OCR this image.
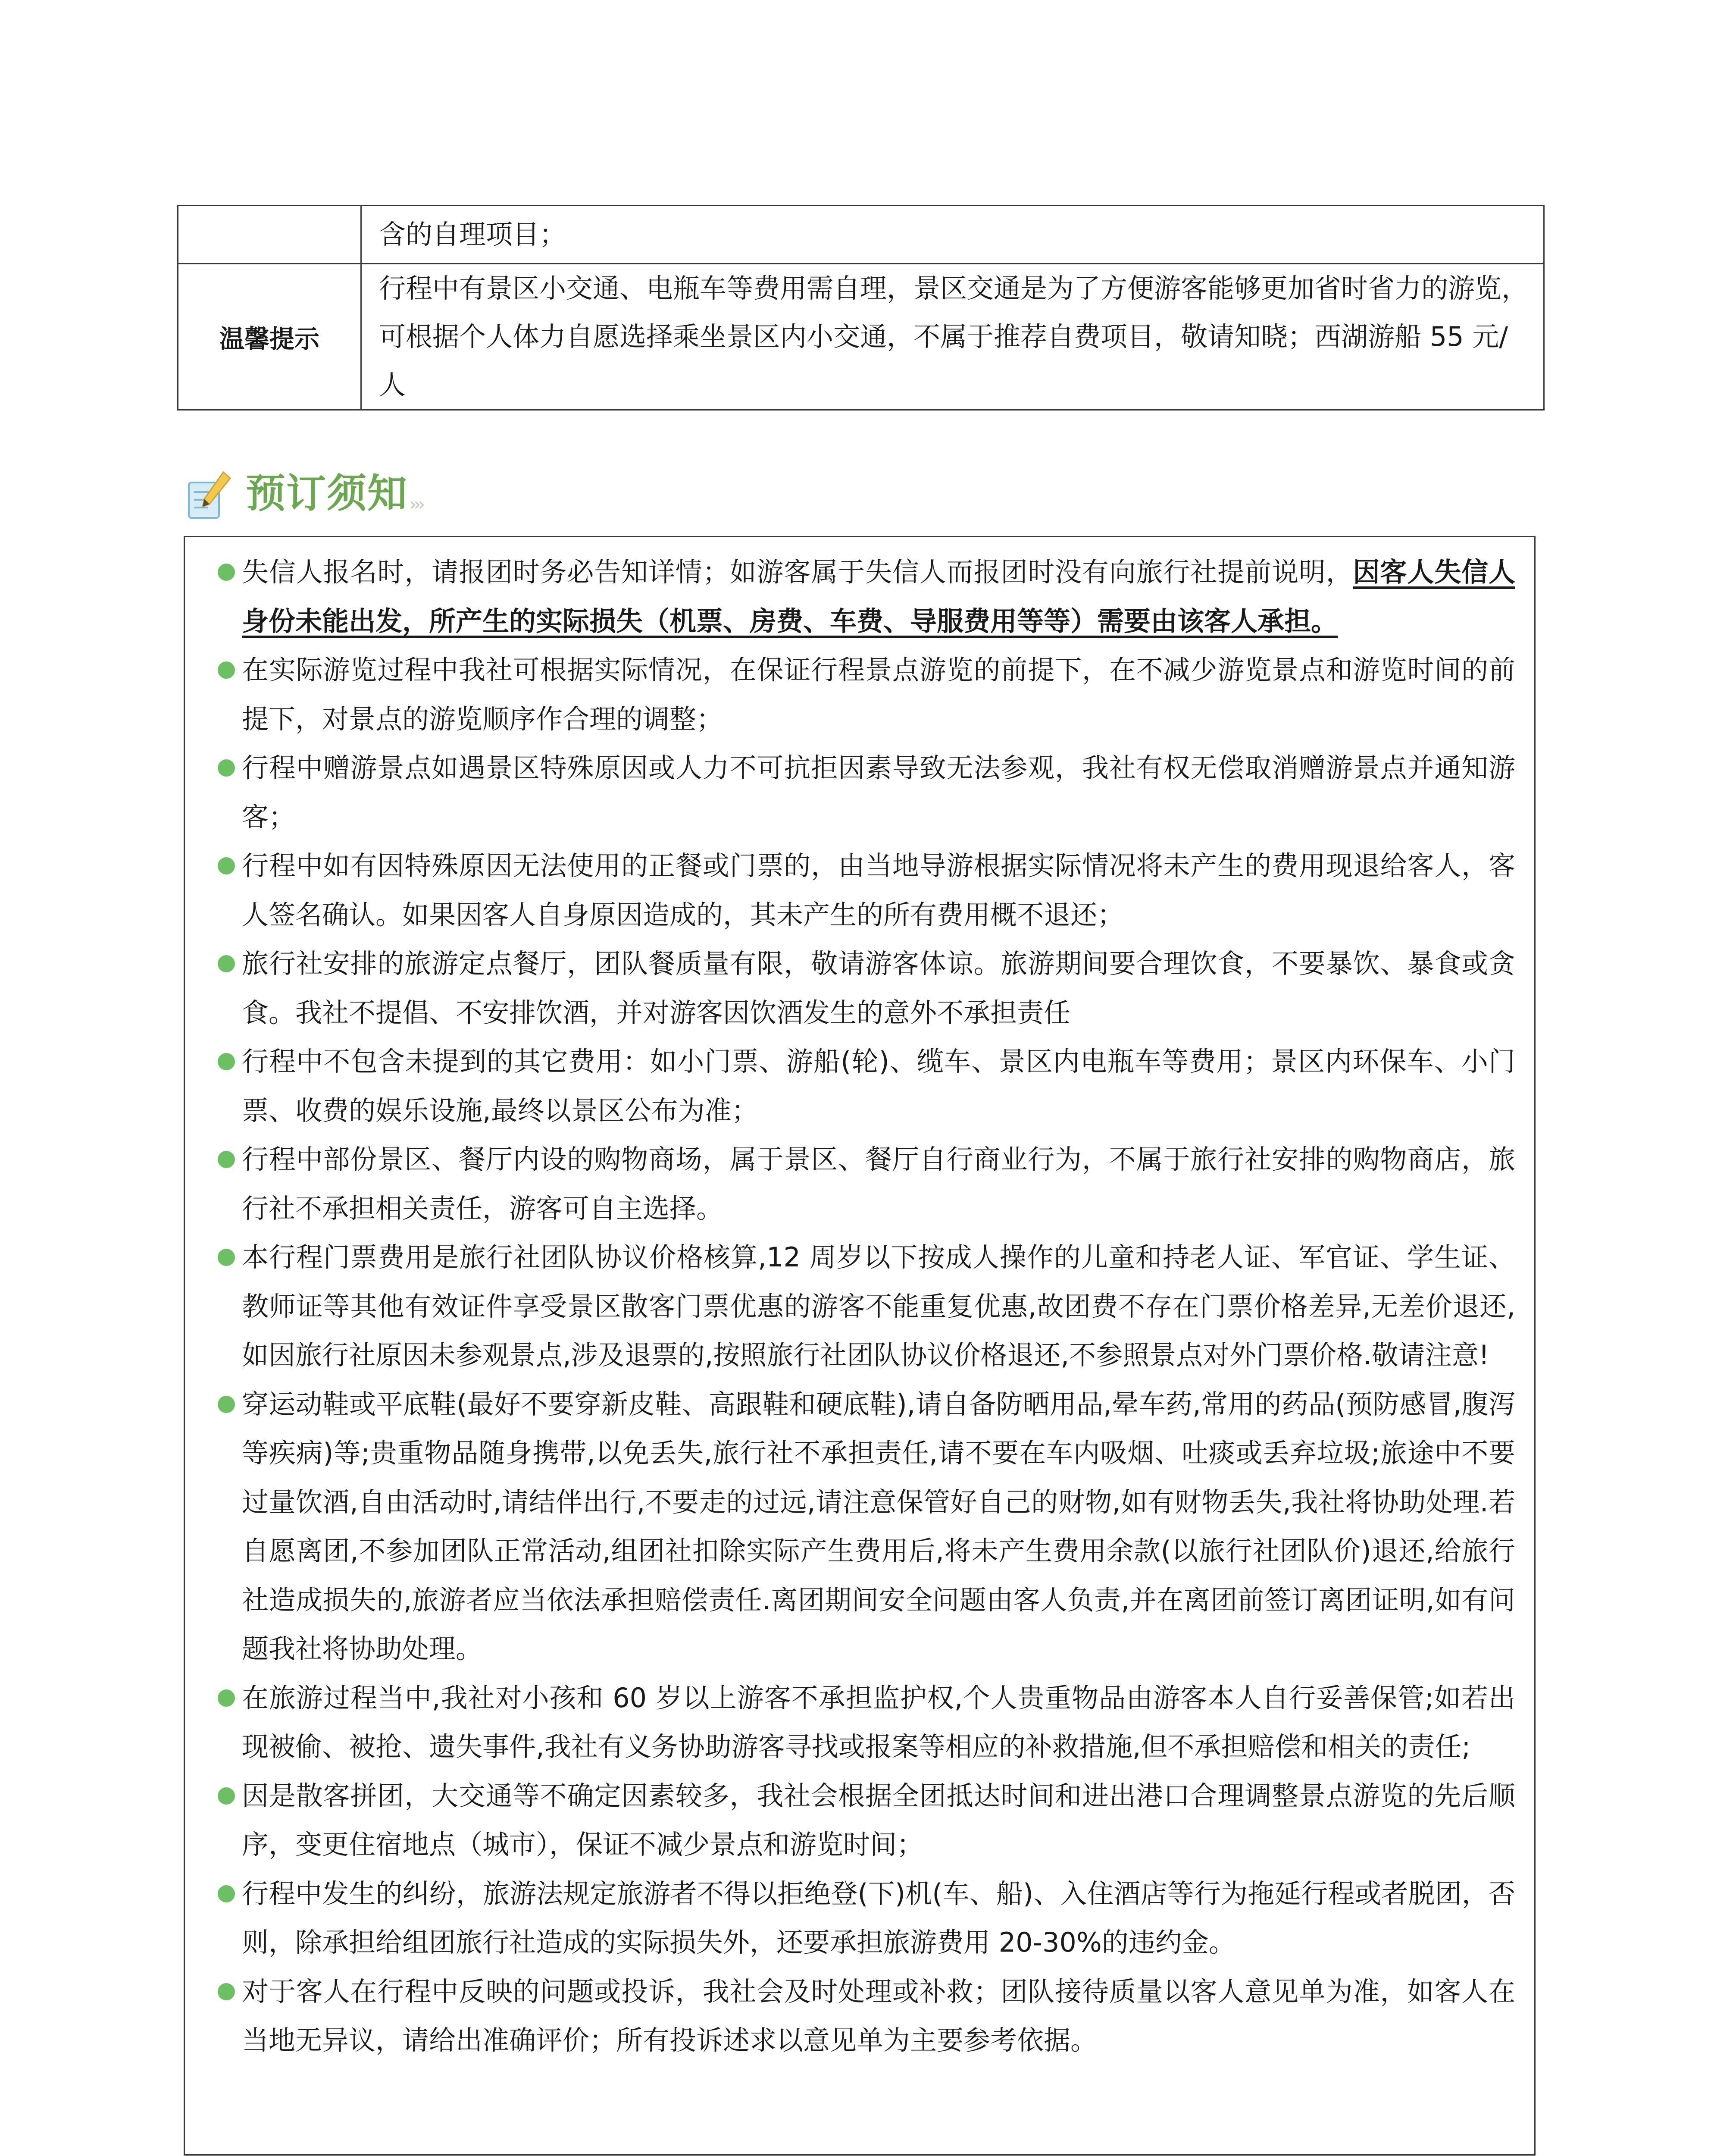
	含的自理项目；
温馨提示	行程中有景区小交通、电瓶车等费用需自理，景区交通是为了方便游客能够更加省时省力的游览，可根据个人体力自愿选择乘坐景区内小交通，不属于推荐自费项目，敬请知晓；西湖游船 55 元/人
预订须知 ›››
失信人报名时，请报团时务必告知详情；如游客属于失信人而报团时没有向旅行社提前说明，因客人失信人身份未能出发，所产生的实际损失（机票、房费、车费、导服费用等等）需要由该客人承担。
在实际游览过程中我社可根据实际情况，在保证行程景点游览的前提下，在不减少游览景点和游览时间的前提下，对景点的游览顺序作合理的调整；
行程中赠游景点如遇景区特殊原因或人力不可抗拒因素导致无法参观，我社有权无偿取消赠游景点并通知游客；
行程中如有因特殊原因无法使用的正餐或门票的，由当地导游根据实际情况将未产生的费用现退给客人，客人签名确认。如果因客人自身原因造成的，其未产生的所有费用概不退还；
旅行社安排的旅游定点餐厅，团队餐质量有限，敬请游客体谅。旅游期间要合理饮食，不要暴饮、暴食或贪食。我社不提倡、不安排饮酒，并对游客因饮酒发生的意外不承担责任
行程中不包含未提到的其它费用：如小门票、游船(轮)、缆车、景区内电瓶车等费用；景区内环保车、小门票、收费的娱乐设施,最终以景区公布为准；
行程中部份景区、餐厅内设的购物商场，属于景区、餐厅自行商业行为，不属于旅行社安排的购物商店，旅行社不承担相关责任，游客可自主选择。
本行程门票费用是旅行社团队协议价格核算,12 周岁以下按成人操作的儿童和持老人证、军官证、学生证、教师证等其他有效证件享受景区散客门票优惠的游客不能重复优惠,故团费不存在门票价格差异,无差价退还,如因旅行社原因未参观景点,涉及退票的,按照旅行社团队协议价格退还,不参照景点对外门票价格.敬请注意!
穿运动鞋或平底鞋(最好不要穿新皮鞋、高跟鞋和硬底鞋),请自备防晒用品,晕车药,常用的药品(预防感冒,腹泻等疾病)等;贵重物品随身携带,以免丢失,旅行社不承担责任,请不要在车内吸烟、吐痰或丢弃垃圾;旅途中不要过量饮酒,自由活动时,请结伴出行,不要走的过远,请注意保管好自己的财物,如有财物丢失,我社将协助处理.若自愿离团,不参加团队正常活动,组团社扣除实际产生费用后,将未产生费用余款(以旅行社团队价)退还,给旅行社造成损失的,旅游者应当依法承担赔偿责任.离团期间安全问题由客人负责,并在离团前签订离团证明,如有问题我社将协助处理。
在旅游过程当中,我社对小孩和 60 岁以上游客不承担监护权,个人贵重物品由游客本人自行妥善保管;如若出现被偷、被抢、遗失事件,我社有义务协助游客寻找或报案等相应的补救措施,但不承担赔偿和相关的责任;
因是散客拼团，大交通等不确定因素较多，我社会根据全团抵达时间和进出港口合理调整景点游览的先后顺序，变更住宿地点（城市），保证不减少景点和游览时间；
行程中发生的纠纷，旅游法规定旅游者不得以拒绝登(下)机(车、船)、入住酒店等行为拖延行程或者脱团，否则，除承担给组团旅行社造成的实际损失外，还要承担旅游费用 20-30%的违约金。
对于客人在行程中反映的问题或投诉，我社会及时处理或补救；团队接待质量以客人意见单为准，如客人在当地无异议，请给出准确评价；所有投诉述求以意见单为主要参考依据。
